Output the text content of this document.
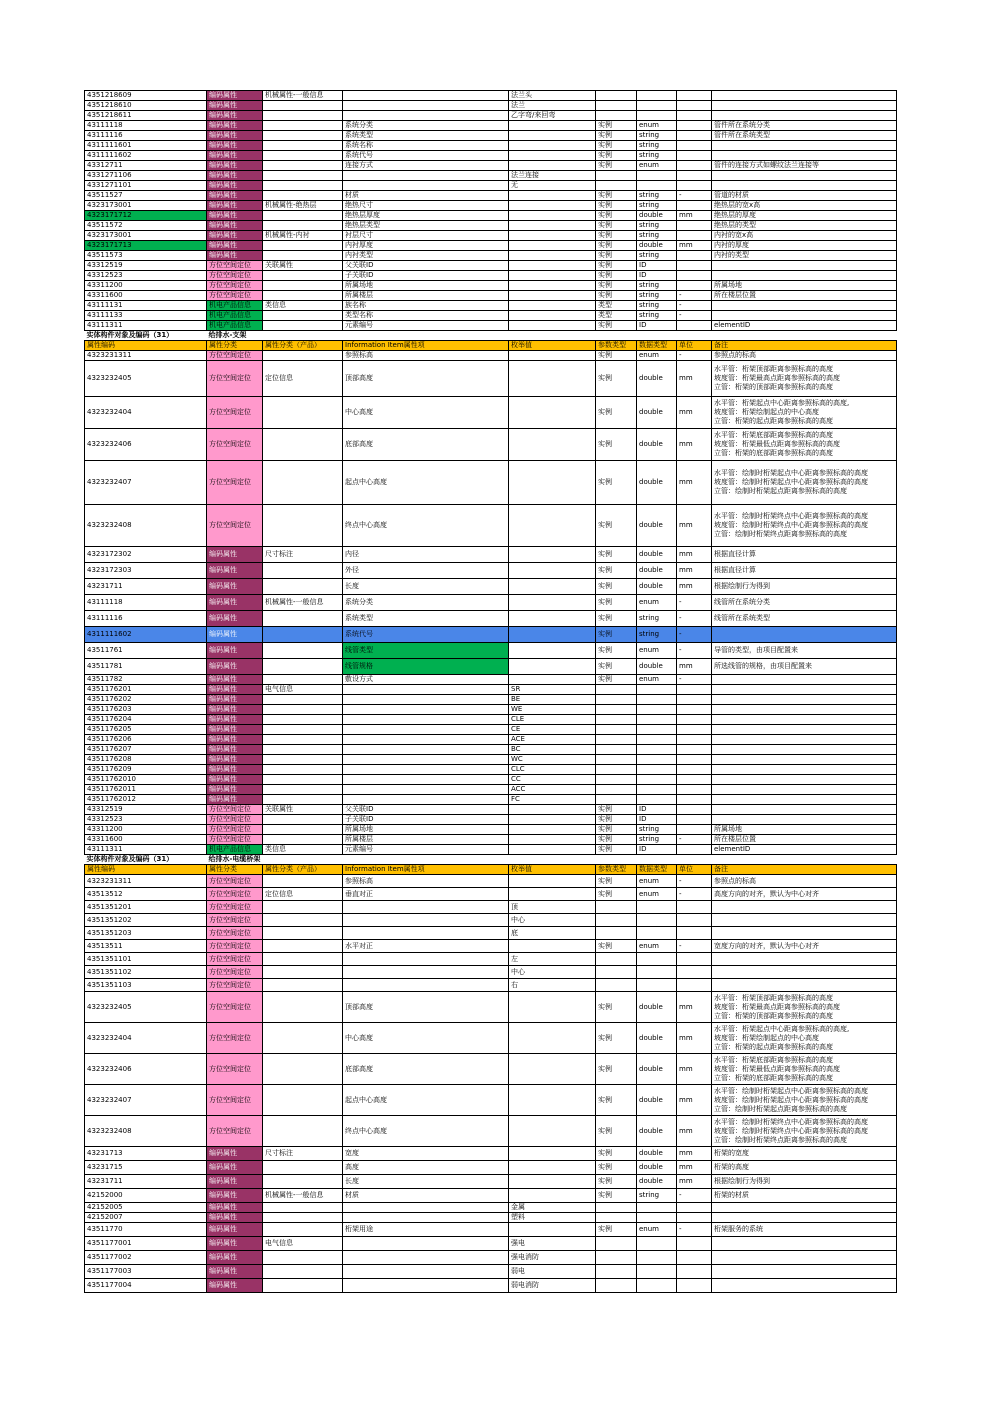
43512186​09	编码属性	机械属性-一般信息		法兰头				
43512186​10	编码属性			法兰				
43512186​11	编码属性			乙字弯/来回弯				
43111118	编码属性		系统分类		实例	enum		管件所在系统分类
43111116	编码属性		系统类型		实例	string		管件所在系统类型
4311111601	编码属性		系统名称		实例	string		
4311111602	编码属性		系统代号		实例	string		
43312711	编码属性		连接方式		实例	enum		管件的连接方式如螺纹法兰连接等
4331271106	编码属性			法兰连接				
4331271101	编码属性			无				
43511527	编码属性		材质		实例	string	-	管道的材质
4323173001	编码属性	机械属性-绝热层	绝热尺寸		实例	string		绝热层的宽x高
4323171712	编码属性		绝热层厚度		实例	double	mm	绝热层的厚度
43511572	编码属性		绝热层类型		实例	string		绝热层的类型
4323173001	编码属性	机械属性-内衬	衬层尺寸		实例	string		内衬的宽x高
4323171713	编码属性		内衬厚度		实例	double	mm	内衬的厚度
43511573	编码属性		内衬类型		实例	string		内衬的类型
43312519	方位空间定位	关联属性	父关联ID		实例	ID		
43312523	方位空间定位		子关联ID		实例	ID		
43311200	方位空间定位		所属场地		实例	string		所属场地
43311600	方位空间定位		所属楼层		实例	string	-	所在楼层位置
43111131	机电产品信息	类信息	族名称		类型	string	-	
43111133	机电产品信息		类型名称		类型	string	-	
43111311	机电产品信息		元素编号		实例	ID		elementID
实体构件对象及编码（31）	给排水-支架							
属性编码	属性分类	属性分类（产品）	Information Item属性项	枚举值	参数类型	数据类型	单位	备注
4323231311	方位空间定位		参照标高		实例	enum	-	参照点的标高
4323232405	方位空间定位	定位信息	顶部高度		实例	double	mm	水平管：桁架顶部距离参照标高的高度
坡度管：桁架最高点距离参照标高的高度
立管：桁架的顶部距离参照标高的高度
4323232404	方位空间定位		中心高度		实例	double	mm	水平管：桁架起点中心距离参照标高的高度,
坡度管：桁架绘制起点的中心高度
立管：桁架的起点距离参照标高的高度
4323232406	方位空间定位		底部高度		实例	double	mm	水平管：桁架底部距离参照标高的高度
坡度管：桁架最低点距离参照标高的高度
立管：桁架的底部距离参照标高的高度
4323232407	方位空间定位		起点中心高度		实例	double	mm	水平管：绘制时桁架起点中心距离参照标高的高度
坡度管：绘制时桁架起点中心距离参照标高的高度
立管：绘制时桁架起点距离参照标高的高度
4323232408	方位空间定位		终点中心高度		实例	double	mm	水平管：绘制时桁架终点中心距离参照标高的高度
坡度管：绘制时桁架终点中心距离参照标高的高度
立管：绘制时桁架终点距离参照标高的高度
4323172302	编码属性	尺寸标注	内径		实例	double	mm	根据直径计算
4323172303	编码属性		外径		实例	double	mm	根据直径计算
43231711	编码属性		长度		实例	double	mm	根据绘制行为得到
43111118	编码属性	机械属性-一般信息	系统分类		实例	enum	-	线管所在系统分类
43111116	编码属性		系统类型		实例	string	-	线管所在系统类型
4311111602	编码属性		系统代号		实例	string	-	
43511761	编码属性		线管类型		实例	enum	-	导管的类型，由项目配置来
43511781	编码属性		线管规格		实例	double	mm	所选线管的规格，由项目配置来
43511782	编码属性		敷设方式		实例	enum	-	
4351176201	编码属性	电气信息		SR				
4351176202	编码属性			BE				
4351176203	编码属性			WE				
4351176204	编码属性			CLE				
4351176205	编码属性			CE				
4351176206	编码属性			ACE				
4351176207	编码属性			BC				
4351176208	编码属性			WC				
4351176209	编码属性			CLC				
43511762010	编码属性			CC				
43511762011	编码属性			ACC				
43511762012	编码属性			FC				
43312519	方位空间定位	关联属性	父关联ID		实例	ID		
43312523	方位空间定位		子关联ID		实例	ID		
43311200	方位空间定位		所属场地		实例	string		所属场地
43311600	方位空间定位		所属楼层		实例	string	-	所在楼层位置
43111311	机电产品信息	类信息	元素编号		实例	ID		elementID
实体构件对象及编码（31）	给排水-电缆桥架							
属性编码	属性分类	属性分类（产品）	Information Item属性项	枚举值	参数类型	数据类型	单位	备注
4323231311	方位空间定位		参照标高		实例	enum	-	参照点的标高
43513512	方位空间定位	定位信息	垂直对正		实例	enum	-	高度方向的对齐，默认为中心对齐
4351351201	方位空间定位			顶				
4351351202	方位空间定位			中心				
4351351203	方位空间定位			底				
43513511	方位空间定位		水平对正		实例	enum	-	宽度方向的对齐，默认为中心对齐
4351351101	方位空间定位			左				
4351351102	方位空间定位			中心				
4351351103	方位空间定位			右				
4323232405	方位空间定位		顶部高度		实例	double	mm	水平管：桁架顶部距离参照标高的高度
坡度管：桁架最高点距离参照标高的高度
立管：桁架的顶部距离参照标高的高度
4323232404	方位空间定位		中心高度		实例	double	mm	水平管：桁架起点中心距离参照标高的高度,
坡度管：桁架绘制起点的中心高度
立管：桁架的起点距离参照标高的高度
4323232406	方位空间定位		底部高度		实例	double	mm	水平管：桁架底部距离参照标高的高度
坡度管：桁架最低点距离参照标高的高度
立管：桁架的底部距离参照标高的高度
4323232407	方位空间定位		起点中心高度		实例	double	mm	水平管：绘制时桁架起点中心距离参照标高的高度
坡度管：绘制时桁架起点中心距离参照标高的高度
立管：绘制时桁架起点距离参照标高的高度
4323232408	方位空间定位		终点中心高度		实例	double	mm	水平管：绘制时桁架终点中心距离参照标高的高度
坡度管：绘制时桁架终点中心距离参照标高的高度
立管：绘制时桁架终点距离参照标高的高度
43231713	编码属性	尺寸标注	宽度		实例	double	mm	桁架的宽度
43231715	编码属性		高度		实例	double	mm	桁架的高度
43231711	编码属性		长度		实例	double	mm	根据绘制行为得到
42152000	编码属性	机械属性-一般信息	材质		实例	string	-	桁架的材质
42152005	编码属性			金属				
42152007	编码属性			塑料				
43511770	编码属性		桁架用途		实例	enum	-	桁架服务的系统
4351177001	编码属性	电气信息		强电				
4351177002	编码属性			强电消防				
4351177003	编码属性			弱电				
4351177004	编码属性			弱电消防				
